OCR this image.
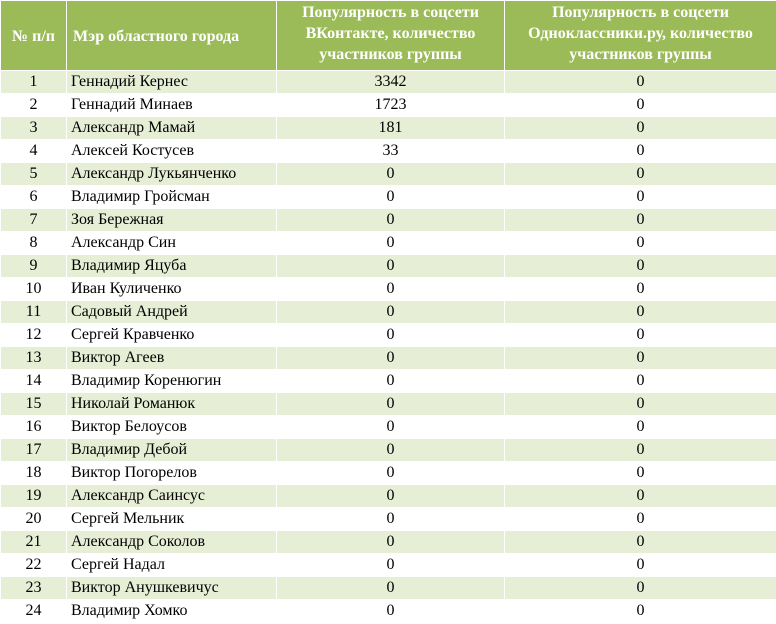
№ п/п	Мэр областного города	Популярность в соцсети ВКонтакте, количество участников группы	Популярность в соцсети Одноклассники.ру, количество участников группы

1	Геннадий Кернес	3342	0
2	Геннадий Минаев	1723	0
3	Александр Мамай	181	0
4	Алексей Костусев	33	0
5	Александр Лукьянченко	0	0
6	Владимир Гройсман	0	0
7	Зоя Бережная	0	0
8	Александр Син	0	0
9	Владимир Яцуба	0	0
10	Иван Куличенко	0	0
11	Садовый Андрей	0	0
12	Сергей Кравченко	0	0
13	Виктор Агеев	0	0
14	Владимир Коренюгин	0	0
15	Николай Романюк	0	0
16	Виктор Белоусов	0	0
17	Владимир Дебой	0	0
18	Виктор Погорелов	0	0
19	Александр Саинсус	0	0
20	Сергей Мельник	0	0
21	Александр Соколов	0	0
22	Сергей Надал	0	0
23	Виктор Анушкевичус	0	0
24	Владимир Хомко	0	0
